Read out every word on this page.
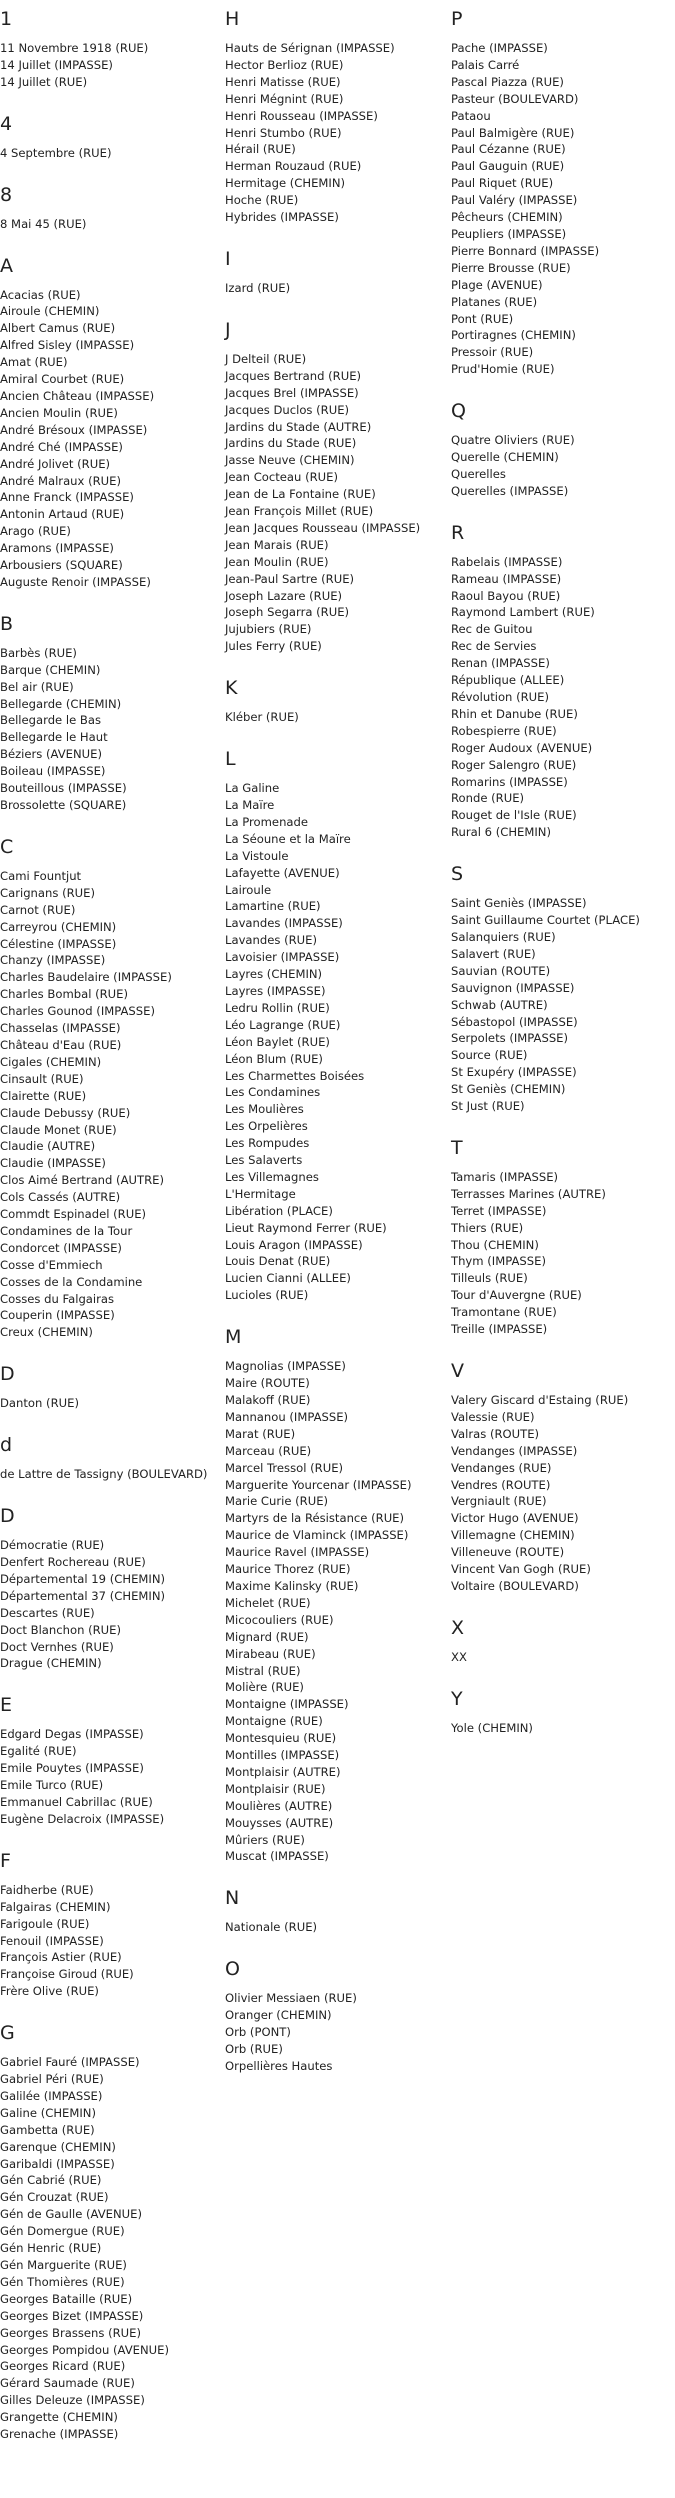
1
11 Novembre 1918 (RUE)
14 Juillet (IMPASSE)
14 Juillet (RUE)
4
4 Septembre (RUE)
8
8 Mai 45 (RUE)
A
Acacias (RUE)
Airoule (CHEMIN)
Albert Camus (RUE)
Alfred Sisley (IMPASSE)
Amat (RUE)
Amiral Courbet (RUE)
Ancien Château (IMPASSE)
Ancien Moulin (RUE)
André Brésoux (IMPASSE)
André Ché (IMPASSE)
André Jolivet (RUE)
André Malraux (RUE)
Anne Franck (IMPASSE)
Antonin Artaud (RUE)
Arago (RUE)
Aramons (IMPASSE)
Arbousiers (SQUARE)
Auguste Renoir (IMPASSE)
B
Barbès (RUE)
Barque (CHEMIN)
Bel air (RUE)
Bellegarde (CHEMIN)
Bellegarde le Bas
Bellegarde le Haut
Béziers (AVENUE)
Boileau (IMPASSE)
Bouteillous (IMPASSE)
Brossolette (SQUARE)
C
Cami Fountjut
Carignans (RUE)
Carnot (RUE)
Carreyrou (CHEMIN)
Célestine (IMPASSE)
Chanzy (IMPASSE)
Charles Baudelaire (IMPASSE)
Charles Bombal (RUE)
Charles Gounod (IMPASSE)
Chasselas (IMPASSE)
Château d'Eau (RUE)
Cigales (CHEMIN)
Cinsault (RUE)
Clairette (RUE)
Claude Debussy (RUE)
Claude Monet (RUE)
Claudie (AUTRE)
Claudie (IMPASSE)
Clos Aimé Bertrand (AUTRE)
Cols Cassés (AUTRE)
Commdt Espinadel (RUE)
Condamines de la Tour
Condorcet (IMPASSE)
Cosse d'Emmiech
Cosses de la Condamine
Cosses du Falgairas
Couperin (IMPASSE)
Creux (CHEMIN)
D
Danton (RUE)
d
de Lattre de Tassigny (BOULEVARD)
D
Démocratie (RUE)
Denfert Rochereau (RUE)
Départemental 19 (CHEMIN)
Départemental 37 (CHEMIN)
Descartes (RUE)
Doct Blanchon (RUE)
Doct Vernhes (RUE)
Drague (CHEMIN)
E
Edgard Degas (IMPASSE)
Egalité (RUE)
Emile Pouytes (IMPASSE)
Emile Turco (RUE)
Emmanuel Cabrillac (RUE)
Eugène Delacroix (IMPASSE)
F
Faidherbe (RUE)
Falgairas (CHEMIN)
Farigoule (RUE)
Fenouil (IMPASSE)
François Astier (RUE)
Françoise Giroud (RUE)
Frère Olive (RUE)
G
Gabriel Fauré (IMPASSE)
Gabriel Péri (RUE)
Galilée (IMPASSE)
Galine (CHEMIN)
Gambetta (RUE)
Garenque (CHEMIN)
Garibaldi (IMPASSE)
Gén Cabrié (RUE)
Gén Crouzat (RUE)
Gén de Gaulle (AVENUE)
Gén Domergue (RUE)
Gén Henric (RUE)
Gén Marguerite (RUE)
Gén Thomières (RUE)
Georges Bataille (RUE)
Georges Bizet (IMPASSE)
Georges Brassens (RUE)
Georges Pompidou (AVENUE)
Georges Ricard (RUE)
Gérard Saumade (RUE)
Gilles Deleuze (IMPASSE)
Grangette (CHEMIN)
Grenache (IMPASSE)
H
Hauts de Sérignan (IMPASSE)
Hector Berlioz (RUE)
Henri Matisse (RUE)
Henri Mégnint (RUE)
Henri Rousseau (IMPASSE)
Henri Stumbo (RUE)
Hérail (RUE)
Herman Rouzaud (RUE)
Hermitage (CHEMIN)
Hoche (RUE)
Hybrides (IMPASSE)
I
Izard (RUE)
J
J Delteil (RUE)
Jacques Bertrand (RUE)
Jacques Brel (IMPASSE)
Jacques Duclos (RUE)
Jardins du Stade (AUTRE)
Jardins du Stade (RUE)
Jasse Neuve (CHEMIN)
Jean Cocteau (RUE)
Jean de La Fontaine (RUE)
Jean François Millet (RUE)
Jean Jacques Rousseau (IMPASSE)
Jean Marais (RUE)
Jean Moulin (RUE)
Jean-Paul Sartre (RUE)
Joseph Lazare (RUE)
Joseph Segarra (RUE)
Jujubiers (RUE)
Jules Ferry (RUE)
K
Kléber (RUE)
L
La Galine
La Maïre
La Promenade
La Séoune et la Maïre
La Vistoule
Lafayette (AVENUE)
Lairoule
Lamartine (RUE)
Lavandes (IMPASSE)
Lavandes (RUE)
Lavoisier (IMPASSE)
Layres (CHEMIN)
Layres (IMPASSE)
Ledru Rollin (RUE)
Léo Lagrange (RUE)
Léon Baylet (RUE)
Léon Blum (RUE)
Les Charmettes Boisées
Les Condamines
Les Moulières
Les Orpelières
Les Rompudes
Les Salaverts
Les Villemagnes
L'Hermitage
Libération (PLACE)
Lieut Raymond Ferrer (RUE)
Louis Aragon (IMPASSE)
Louis Denat (RUE)
Lucien Cianni (ALLEE)
Lucioles (RUE)
M
Magnolias (IMPASSE)
Maire (ROUTE)
Malakoff (RUE)
Mannanou (IMPASSE)
Marat (RUE)
Marceau (RUE)
Marcel Tressol (RUE)
Marguerite Yourcenar (IMPASSE)
Marie Curie (RUE)
Martyrs de la Résistance (RUE)
Maurice de Vlaminck (IMPASSE)
Maurice Ravel (IMPASSE)
Maurice Thorez (RUE)
Maxime Kalinsky (RUE)
Michelet (RUE)
Micocouliers (RUE)
Mignard (RUE)
Mirabeau (RUE)
Mistral (RUE)
Molière (RUE)
Montaigne (IMPASSE)
Montaigne (RUE)
Montesquieu (RUE)
Montilles (IMPASSE)
Montplaisir (AUTRE)
Montplaisir (RUE)
Moulières (AUTRE)
Mouysses (AUTRE)
Mûriers (RUE)
Muscat (IMPASSE)
N
Nationale (RUE)
O
Olivier Messiaen (RUE)
Oranger (CHEMIN)
Orb (PONT)
Orb (RUE)
Orpellières Hautes
P
Pache (IMPASSE)
Palais Carré
Pascal Piazza (RUE)
Pasteur (BOULEVARD)
Pataou
Paul Balmigère (RUE)
Paul Cézanne (RUE)
Paul Gauguin (RUE)
Paul Riquet (RUE)
Paul Valéry (IMPASSE)
Pêcheurs (CHEMIN)
Peupliers (IMPASSE)
Pierre Bonnard (IMPASSE)
Pierre Brousse (RUE)
Plage (AVENUE)
Platanes (RUE)
Pont (RUE)
Portiragnes (CHEMIN)
Pressoir (RUE)
Prud'Homie (RUE)
Q
Quatre Oliviers (RUE)
Querelle (CHEMIN)
Querelles
Querelles (IMPASSE)
R
Rabelais (IMPASSE)
Rameau (IMPASSE)
Raoul Bayou (RUE)
Raymond Lambert (RUE)
Rec de Guitou
Rec de Servies
Renan (IMPASSE)
République (ALLEE)
Révolution (RUE)
Rhin et Danube (RUE)
Robespierre (RUE)
Roger Audoux (AVENUE)
Roger Salengro (RUE)
Romarins (IMPASSE)
Ronde (RUE)
Rouget de l'Isle (RUE)
Rural 6 (CHEMIN)
S
Saint Geniès (IMPASSE)
Saint Guillaume Courtet (PLACE)
Salanquiers (RUE)
Salavert (RUE)
Sauvian (ROUTE)
Sauvignon (IMPASSE)
Schwab (AUTRE)
Sébastopol (IMPASSE)
Serpolets (IMPASSE)
Source (RUE)
St Exupéry (IMPASSE)
St Geniès (CHEMIN)
St Just (RUE)
T
Tamaris (IMPASSE)
Terrasses Marines (AUTRE)
Terret (IMPASSE)
Thiers (RUE)
Thou (CHEMIN)
Thym (IMPASSE)
Tilleuls (RUE)
Tour d'Auvergne (RUE)
Tramontane (RUE)
Treille (IMPASSE)
V
Valery Giscard d'Estaing (RUE)
Valessie (RUE)
Valras (ROUTE)
Vendanges (IMPASSE)
Vendanges (RUE)
Vendres (ROUTE)
Vergniault (RUE)
Victor Hugo (AVENUE)
Villemagne (CHEMIN)
Villeneuve (ROUTE)
Vincent Van Gogh (RUE)
Voltaire (BOULEVARD)
X
XX
Y
Yole (CHEMIN)
